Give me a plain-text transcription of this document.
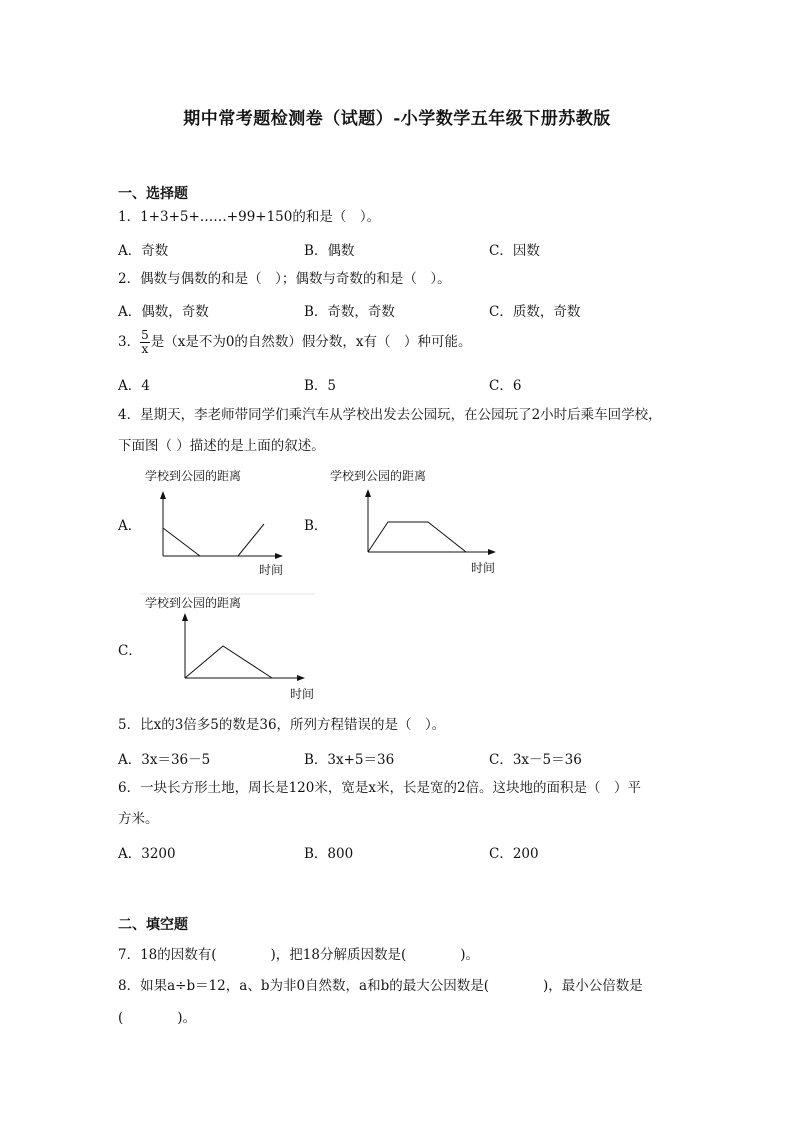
期中常考题检测卷（试题）-小学数学五年级下册苏教版
一、选择题
1．1+3+5+……+99+150的和是（　）。
A．奇数	B．偶数	C．因数
2．偶数与偶数的和是（　）；偶数与奇数的和是（　）。
A．偶数，奇数	B．奇数，奇数	C．质数，奇数
3． $\frac{5}{x}$ 是（x是不为0的自然数）假分数，x有（　）种可能。
A．4	B．5	C．6
4．星期天，李老师带同学们乘汽车从学校出发去公园玩，在公园玩了2小时后乘车回学校，
下面图（ ）描述的是上面的叙述。
A．
学校到公园的距离
时间
B．
学校到公园的距离
时间
C．
学校到公园的距离
时间
5．比x的3倍多5的数是36，所列方程错误的是（　）。
A．3x＝36－5	B．3x+5＝36	C．3x－5＝36
6．一块长方形土地，周长是120米，宽是x米，长是宽的2倍。这块地的面积是（　）平
方米。
A．3200	B．800	C．200
二、填空题
7．18的因数有(　　　　)，把18分解质因数是(　　　　)。
8．如果a÷b＝12，a、b为非0自然数，a和b的最大公因数是(　　　　)，最小公倍数是
(　　　　)。
